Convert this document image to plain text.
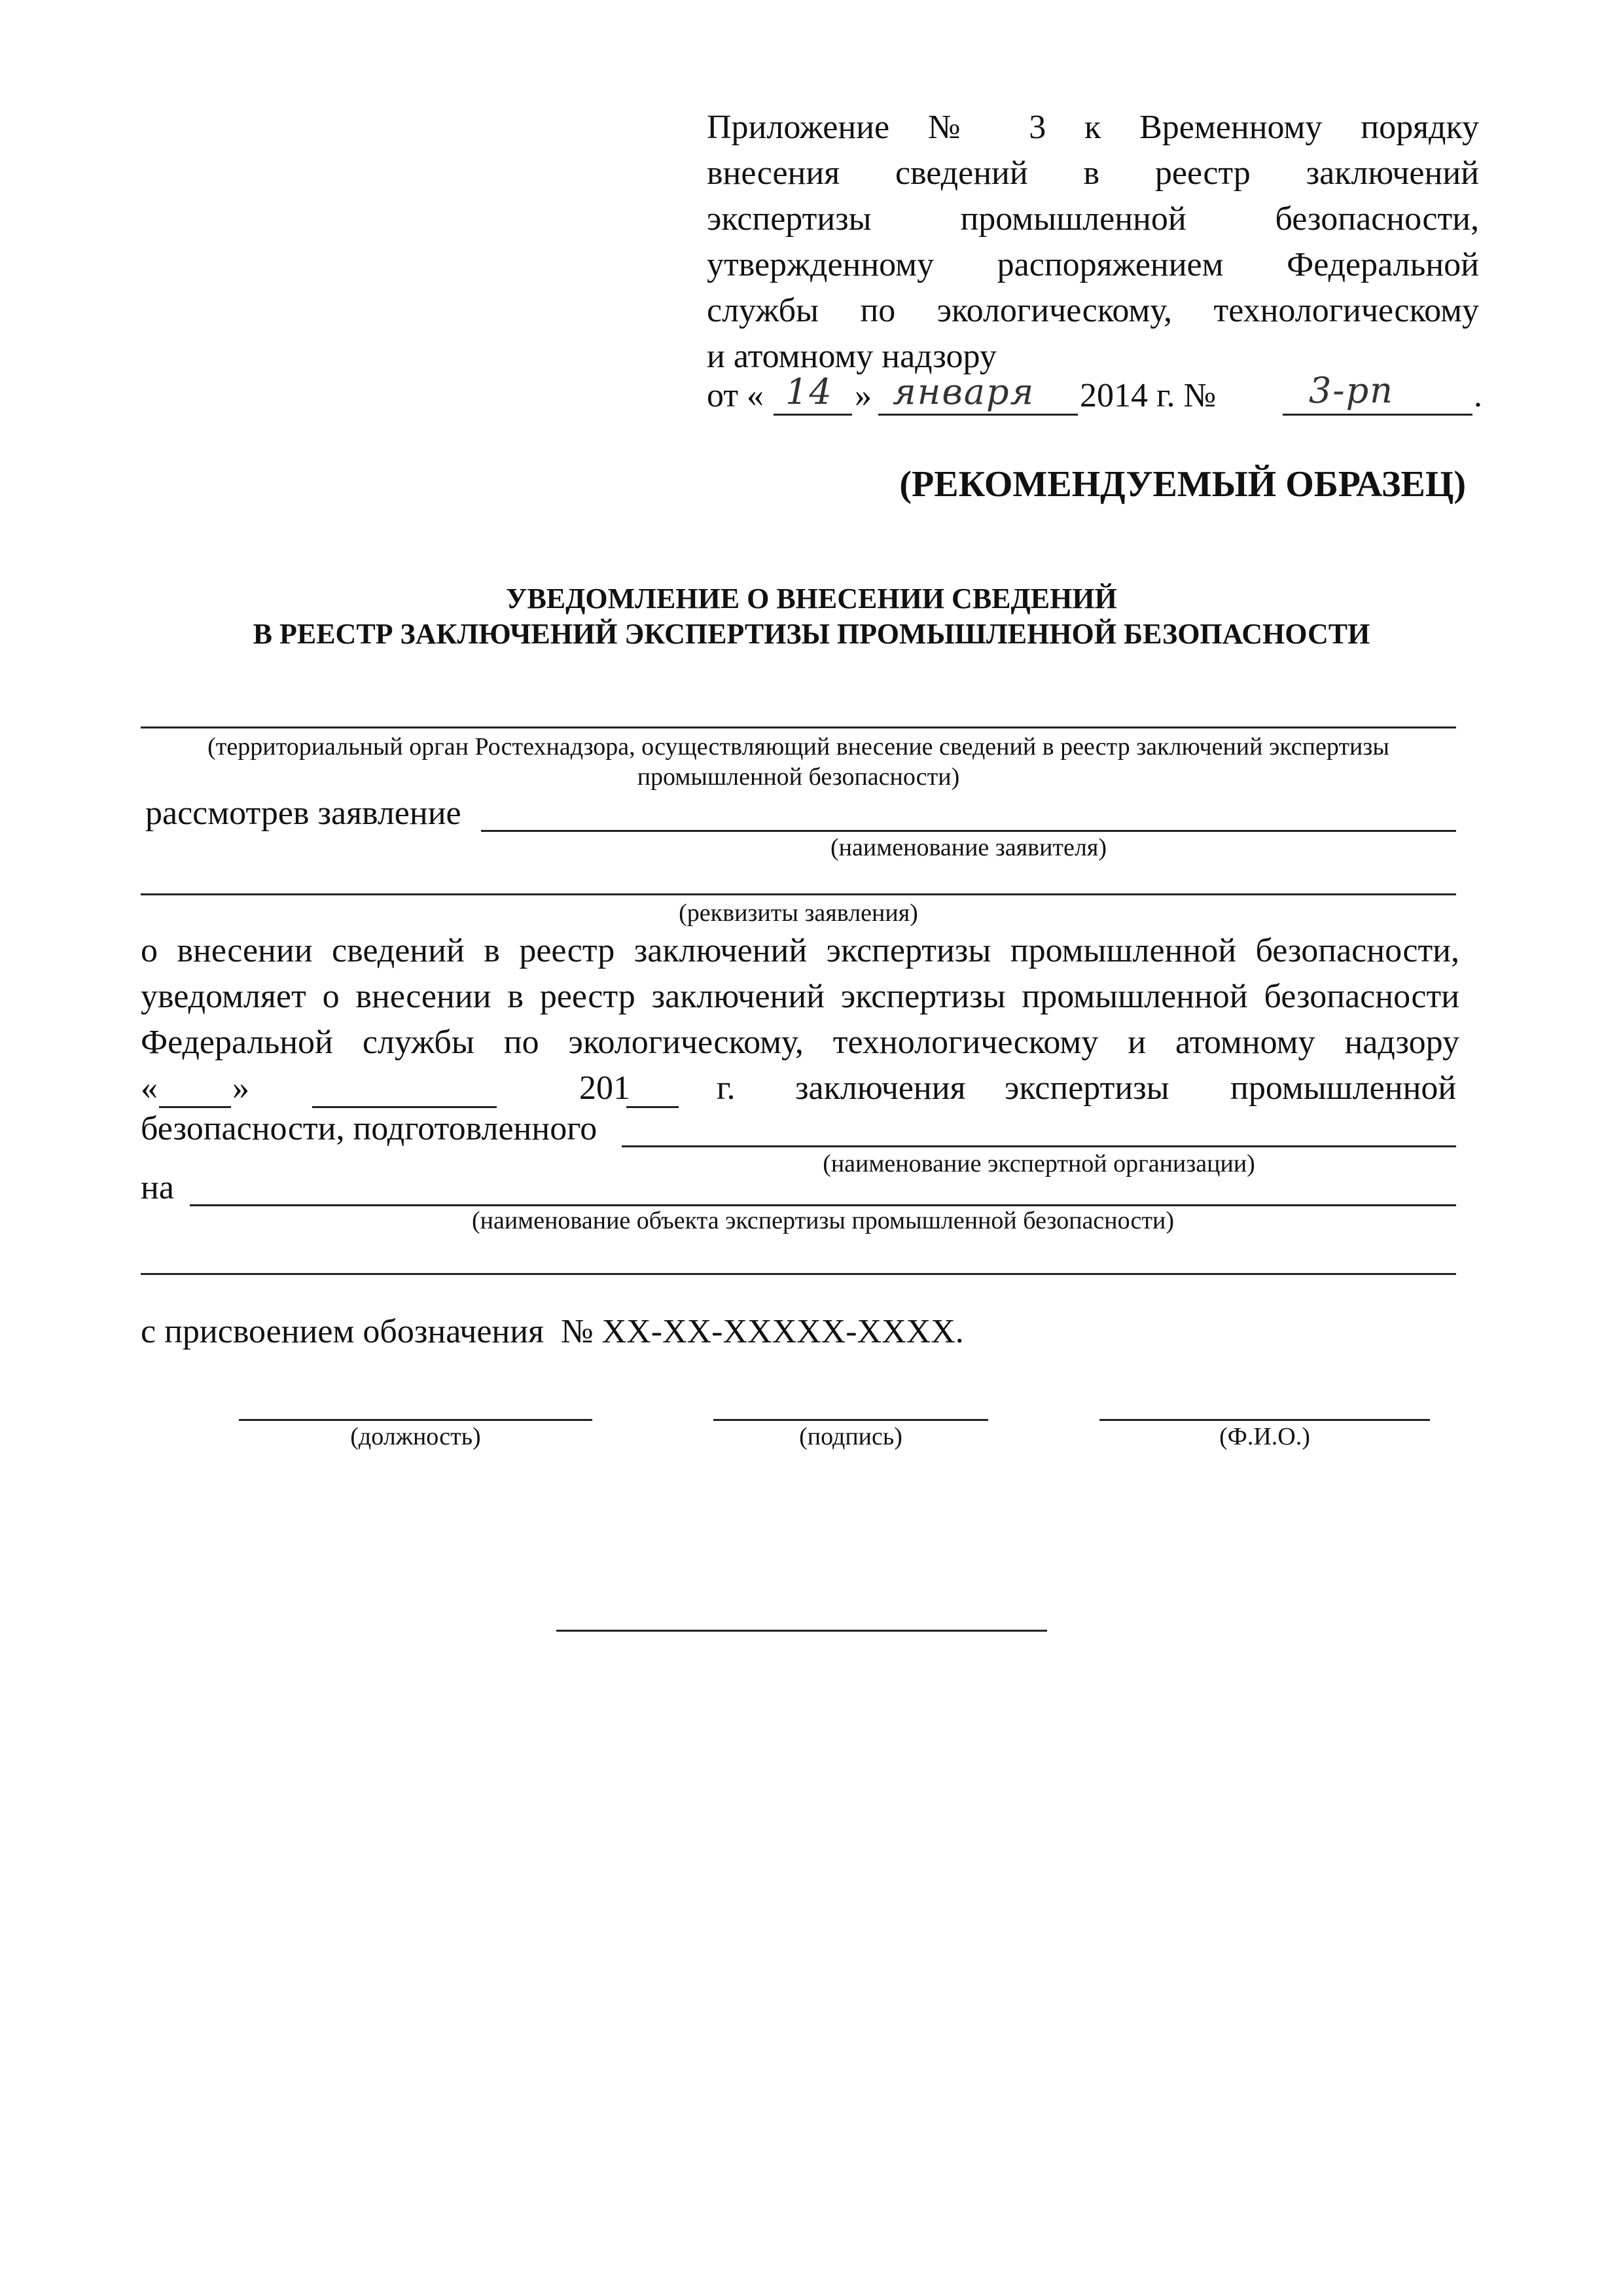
Приложение № 3 к Временному порядку
внесения сведений в реестр заключений
экспертизы промышленной безопасности,
утвержденному распоряжением Федеральной
службы по экологическому, технологическому
и атомному надзору
от « 14 » января 2014 г. №	3-рп .
(РЕКОМЕНДУЕМЫЙ ОБРАЗЕЦ)
УВЕДОМЛЕНИЕ О ВНЕСЕНИИ СВЕДЕНИЙ
В РЕЕСТР ЗАКЛЮЧЕНИЙ ЭКСПЕРТИЗЫ ПРОМЫШЛЕННОЙ БЕЗОПАСНОСТИ
(территориальный орган Ростехнадзора, осуществляющий внесение сведений в реестр заключений экспертизы
промышленной безопасности)
рассмотрев заявление
(наименование заявителя)
(реквизиты заявления)
о внесении сведений в реестр заключений экспертизы промышленной безопасности,
уведомляет о внесении в реестр заключений экспертизы промышленной безопасности
Федеральной службы по экологическому, технологическому и атомному надзору
« »	201	г. заключения экспертизы промышленной
безопасности, подготовленного
(наименование экспертной организации)
на
(наименование объекта экспертизы промышленной безопасности)
с присвоением обозначения  № ХХ-ХХ-ХХХХХ-ХХХХ.
(должность)	(подпись)	(Ф.И.О.)
